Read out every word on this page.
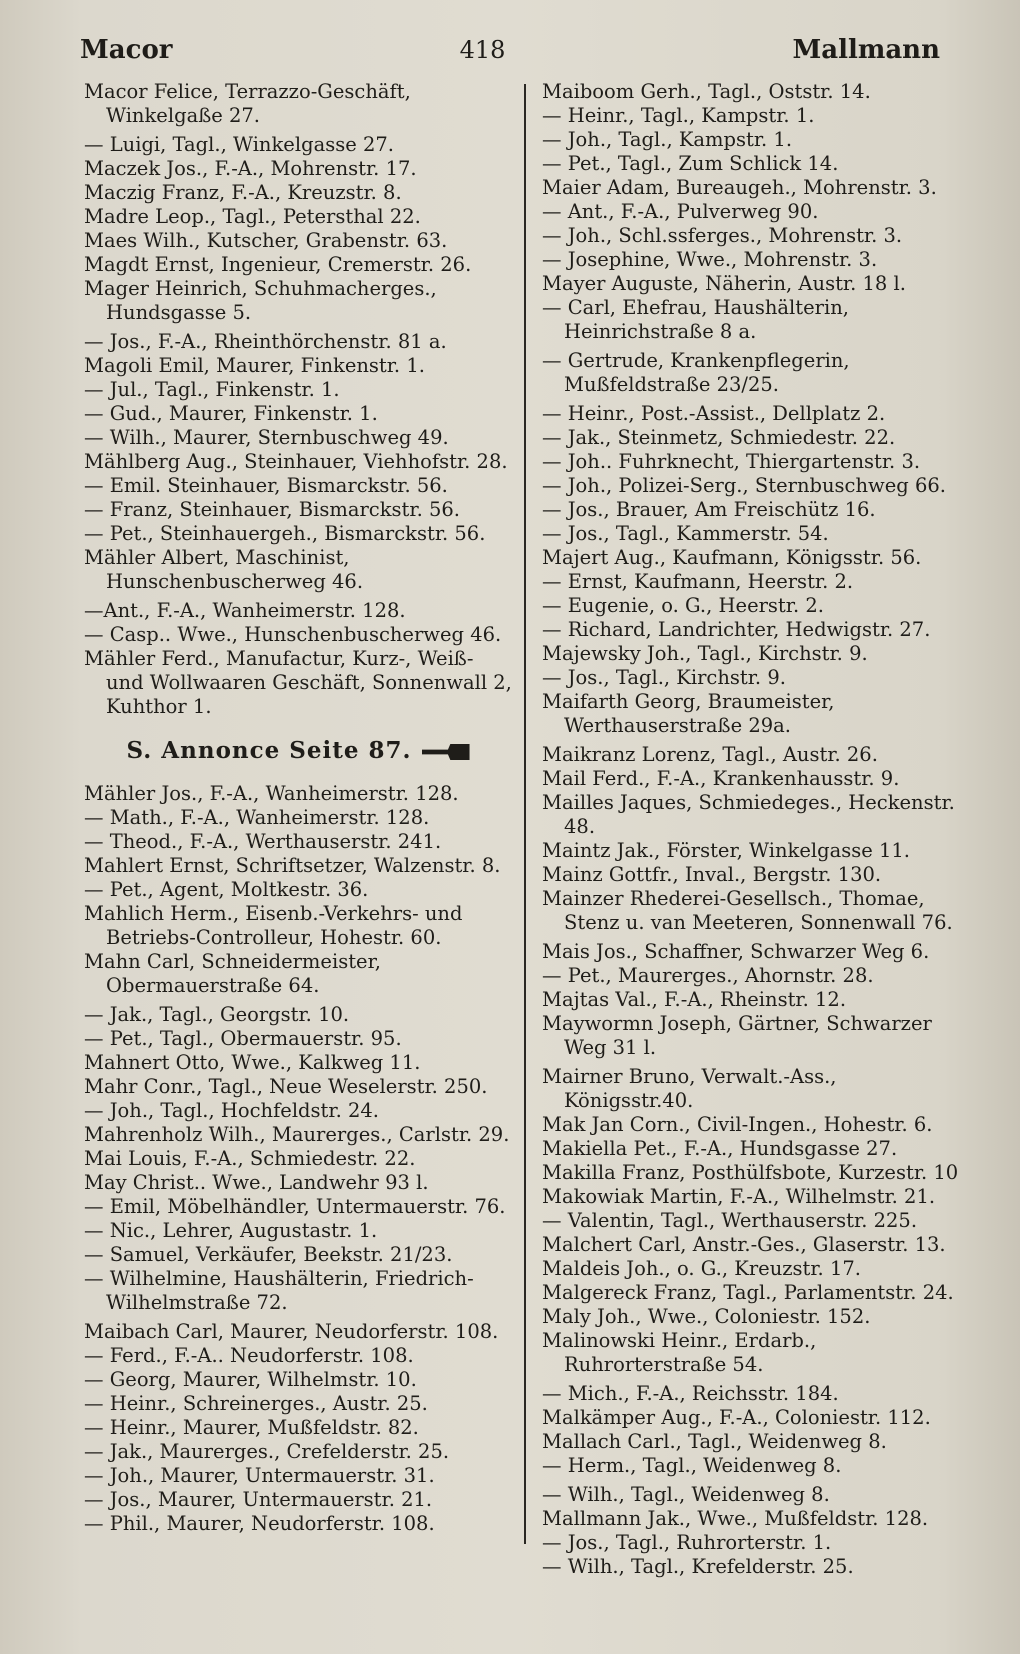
Macor	418	Mallmann

Macor Felice, Terrazzo-Geschäft, Winkelgaße 27.

— Luigi, Tagl., Winkelgasse 27.

Maczek Jos., F.-A., Mohrenstr. 17.

Maczig Franz, F.-A., Kreuzstr. 8.

Madre Leop., Tagl., Petersthal 22.

Maes Wilh., Kutscher, Grabenstr. 63.

Magdt Ernst, Ingenieur, Cremerstr. 26.

Mager Heinrich, Schuhmacherges., Hundsgasse 5.

— Jos., F.-A., Rheinthörchenstr. 81 a.

Magoli Emil, Maurer, Finkenstr. 1.

— Jul., Tagl., Finkenstr. 1.

— Gud., Maurer, Finkenstr. 1.

— Wilh., Maurer, Sternbuschweg 49.

Mählberg Aug., Steinhauer, Viehhofstr. 28.

— Emil. Steinhauer, Bismarckstr. 56.

— Franz, Steinhauer, Bismarckstr. 56.

— Pet., Steinhauergeh., Bismarckstr. 56.

Mähler Albert, Maschinist, Hunschenbuscherweg 46.

—Ant., F.-A., Wanheimerstr. 128.

— Casp.. Wwe., Hunschenbuscherweg 46.

Mähler Ferd., Manufactur, Kurz-, Weiß- und Wollwaaren Geschäft, Sonnenwall 2, Kuhthor 1.

S. Annonce Seite 87.

Mähler Jos., F.-A., Wanheimerstr. 128.

— Math., F.-A., Wanheimerstr. 128.

— Theod., F.-A., Werthauserstr. 241.

Mahlert Ernst, Schriftsetzer, Walzenstr. 8.

— Pet., Agent, Moltkestr. 36.

Mahlich Herm., Eisenb.-Verkehrs- und Betriebs-Controlleur, Hohestr. 60.

Mahn Carl, Schneidermeister, Obermauerstraße 64.

— Jak., Tagl., Georgstr. 10.

— Pet., Tagl., Obermauerstr. 95.

Mahnert Otto, Wwe., Kalkweg 11.

Mahr Conr., Tagl., Neue Weselerstr. 250.

— Joh., Tagl., Hochfeldstr. 24.

Mahrenholz Wilh., Maurerges., Carlstr. 29.

Mai Louis, F.-A., Schmiedestr. 22.

May Christ.. Wwe., Landwehr 93 l.

— Emil, Möbelhändler, Untermauerstr. 76.

— Nic., Lehrer, Augustastr. 1.

— Samuel, Verkäufer, Beekstr. 21/23.

— Wilhelmine, Haushälterin, Friedrich-Wilhelmstraße 72.

Maibach Carl, Maurer, Neudorferstr. 108.

— Ferd., F.-A.. Neudorferstr. 108.

— Georg, Maurer, Wilhelmstr. 10.

— Heinr., Schreinerges., Austr. 25.

— Heinr., Maurer, Mußfeldstr. 82.

— Jak., Maurerges., Crefelderstr. 25.

— Joh., Maurer, Untermauerstr. 31.

— Jos., Maurer, Untermauerstr. 21.

— Phil., Maurer, Neudorferstr. 108.

Maiboom Gerh., Tagl., Oststr. 14.

— Heinr., Tagl., Kampstr. 1.

— Joh., Tagl., Kampstr. 1.

— Pet., Tagl., Zum Schlick 14.

Maier Adam, Bureaugeh., Mohrenstr. 3.

— Ant., F.-A., Pulverweg 90.

— Joh., Schl.ssferges., Mohrenstr. 3.

— Josephine, Wwe., Mohrenstr. 3.

Mayer Auguste, Näherin, Austr. 18 l.

— Carl, Ehefrau, Haushälterin, Heinrichstraße 8 a.

— Gertrude, Krankenpflegerin, Mußfeldstraße 23/25.

— Heinr., Post.-Assist., Dellplatz 2.

— Jak., Steinmetz, Schmiedestr. 22.

— Joh.. Fuhrknecht, Thiergartenstr. 3.

— Joh., Polizei-Serg., Sternbuschweg 66.

— Jos., Brauer, Am Freischütz 16.

— Jos., Tagl., Kammerstr. 54.

Majert Aug., Kaufmann, Königsstr. 56.

— Ernst, Kaufmann, Heerstr. 2.

— Eugenie, o. G., Heerstr. 2.

— Richard, Landrichter, Hedwigstr. 27.

Majewsky Joh., Tagl., Kirchstr. 9.

— Jos., Tagl., Kirchstr. 9.

Maifarth Georg, Braumeister, Werthauserstraße 29a.

Maikranz Lorenz, Tagl., Austr. 26.

Mail Ferd., F.-A., Krankenhausstr. 9.

Mailles Jaques, Schmiedeges., Heckenstr. 48.

Maintz Jak., Förster, Winkelgasse 11.

Mainz Gottfr., Inval., Bergstr. 130.

Mainzer Rhederei-Gesellsch., Thomae, Stenz u. van Meeteren, Sonnenwall 76.

Mais Jos., Schaffner, Schwarzer Weg 6.

— Pet., Maurerges., Ahornstr. 28.

Majtas Val., F.-A., Rheinstr. 12.

Maywormn Joseph, Gärtner, Schwarzer Weg 31 l.

Mairner Bruno, Verwalt.-Ass., Königsstr.40.

Mak Jan Corn., Civil-Ingen., Hohestr. 6.

Makiella Pet., F.-A., Hundsgasse 27.

Makilla Franz, Posthülfsbote, Kurzestr. 10

Makowiak Martin, F.-A., Wilhelmstr. 21.

— Valentin, Tagl., Werthauserstr. 225.

Malchert Carl, Anstr.-Ges., Glaserstr. 13.

Maldeis Joh., o. G., Kreuzstr. 17.

Malgereck Franz, Tagl., Parlamentstr. 24.

Maly Joh., Wwe., Coloniestr. 152.

Malinowski Heinr., Erdarb., Ruhrorterstraße 54.

— Mich., F.-A., Reichsstr. 184.

Malkämper Aug., F.-A., Coloniestr. 112.

Mallach Carl., Tagl., Weidenweg 8.

— Herm., Tagl., Weidenweg 8.

— Wilh., Tagl., Weidenweg 8.

Mallmann Jak., Wwe., Mußfeldstr. 128.

— Jos., Tagl., Ruhrorterstr. 1.

— Wilh., Tagl., Krefelderstr. 25.
